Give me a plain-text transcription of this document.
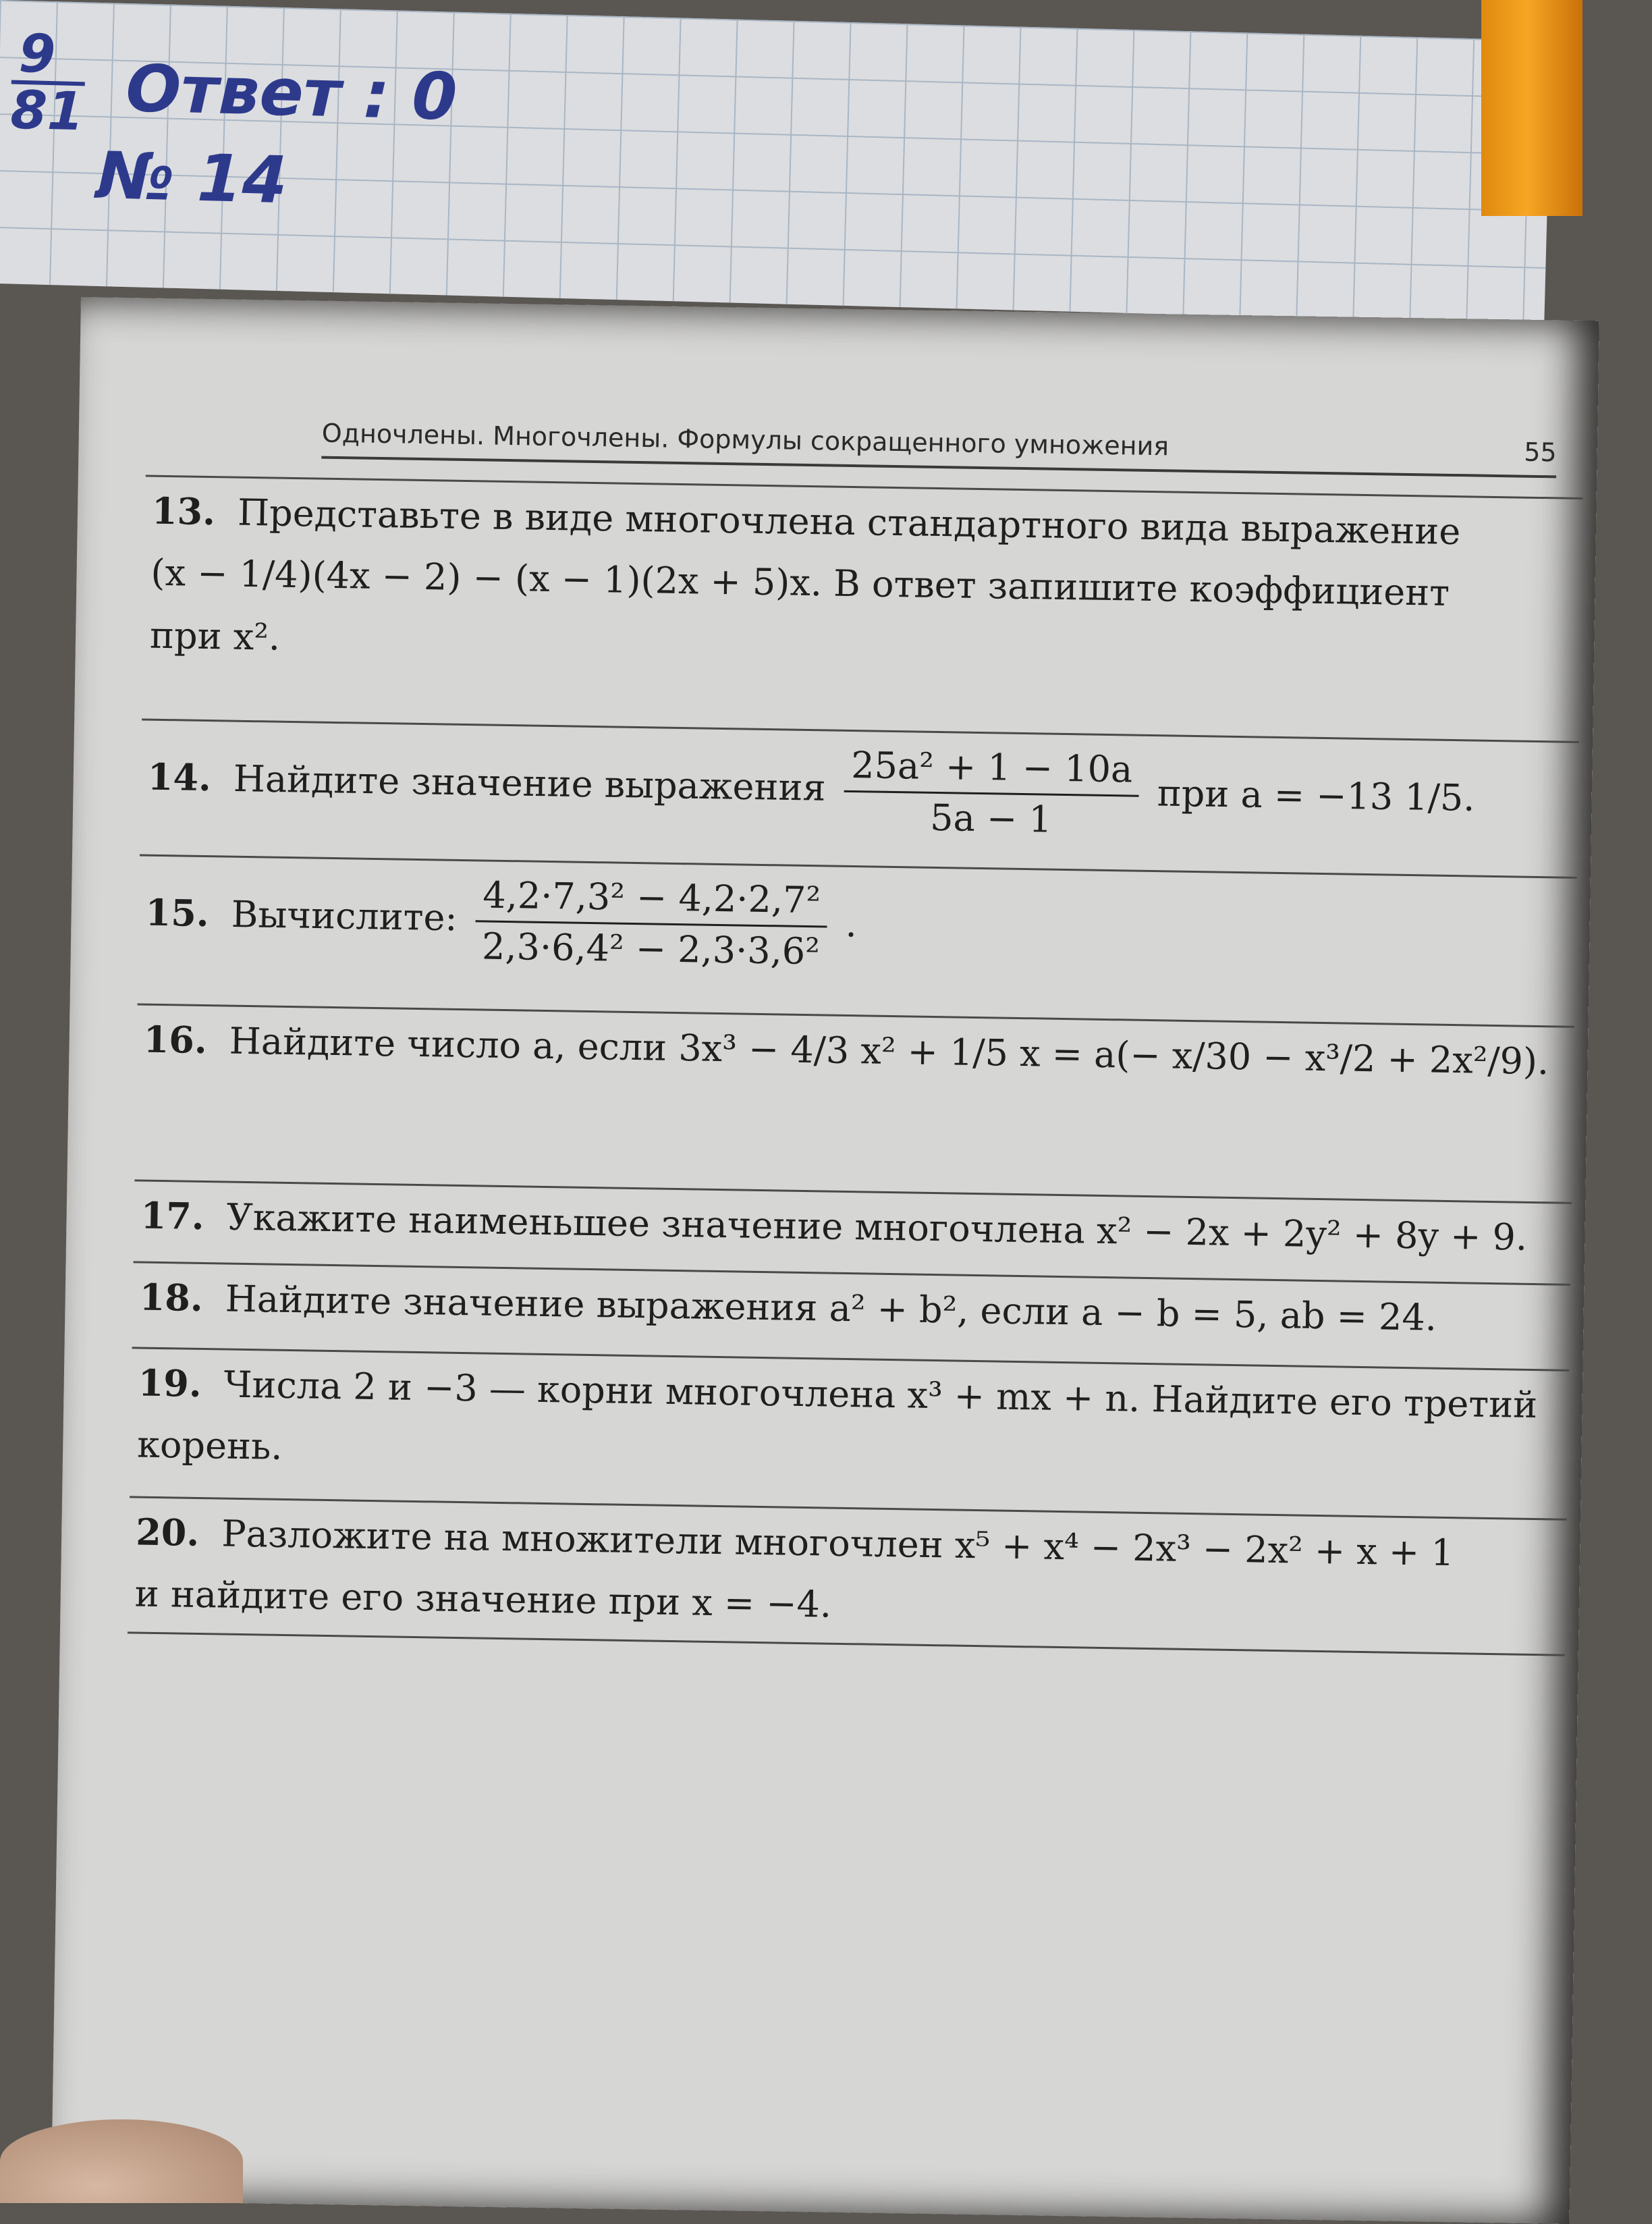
$\frac{9}{81}$ Ответ : 0
№ 14
Одночлены. Многочлены. Формулы сокращенного умножения	55
13. Представьте в виде многочлена стандартного вида выражение
(x − 1/4)(4x − 2) − (x − 1)(2x + 5)x. В ответ запишите коэффициент
при x².
14. Найдите значение выражения $\frac{\text{25a² + 1 − 10a}}{5a - 1}$ при a = −13 1/5.
15. Вычислите: $\frac{\text{4,2·7,3² − 4,2·2,7²}}{\text{2,3·6,4² − 2,3·3,6²}}$ .
16. Найдите число a, если 3x³ − 4/3 x² + 1/5 x = a(− x/30 − x³/2 + 2x²/9).
17. Укажите наименьшее значение многочлена x² − 2x + 2y² + 8y + 9.
18. Найдите значение выражения a² + b², если a − b = 5, ab = 24.
19. Числа 2 и −3 — корни многочлена x³ + mx + n. Найдите его третий
корень.
20. Разложите на множители многочлен x⁵ + x⁴ − 2x³ − 2x² + x + 1
и найдите его значение при x = −4.
